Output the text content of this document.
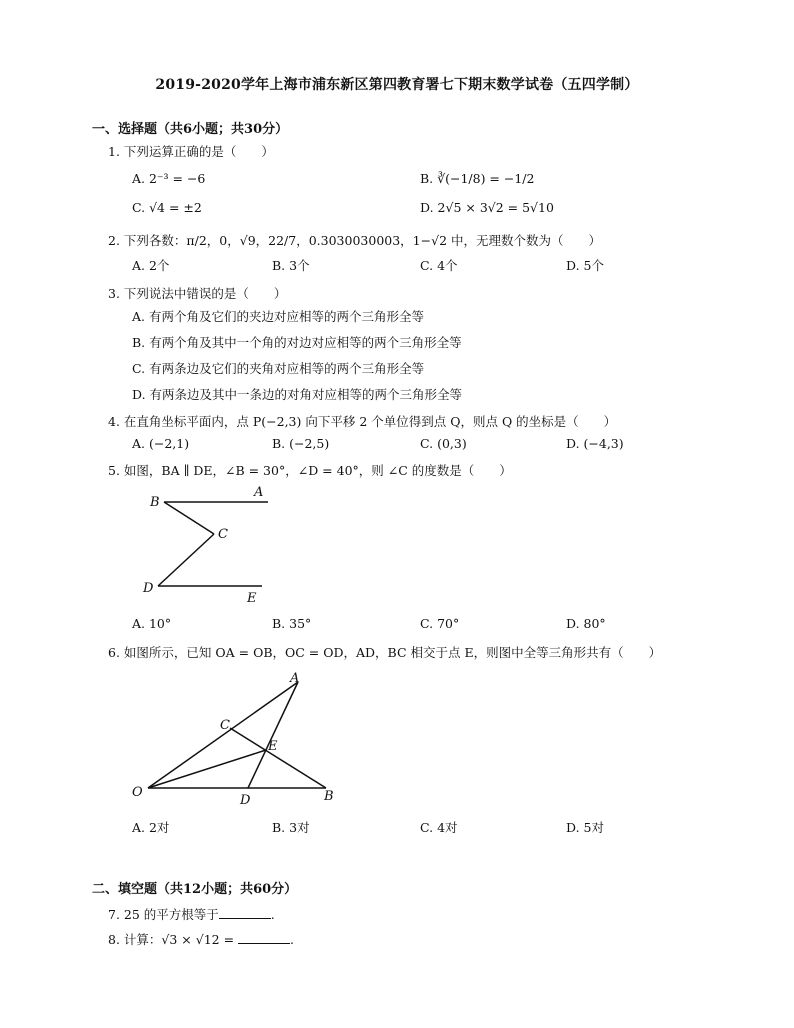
2019-2020学年上海市浦东新区第四教育署七下期末数学试卷（五四学制）
一、选择题（共6小题；共30分）
1. 下列运算正确的是（　　）
A. 2⁻³ = −6	B. ∛(−1/8) = −1/2
C. √4 = ±2	D. 2√5 × 3√2 = 5√10
2. 下列各数：π/2，0，√9，22/7，0.3030030003，1−√2 中，无理数个数为（　　）
A. 2个	B. 3个	C. 4个	D. 5个
3. 下列说法中错误的是（　　）
A. 有两个角及它们的夹边对应相等的两个三角形全等
B. 有两个角及其中一个角的对边对应相等的两个三角形全等
C. 有两条边及它们的夹角对应相等的两个三角形全等
D. 有两条边及其中一条边的对角对应相等的两个三角形全等
4. 在直角坐标平面内，点 P(−2,3) 向下平移 2 个单位得到点 Q，则点 Q 的坐标是（　　）
A. (−2,1)	B. (−2,5)	C. (0,3)	D. (−4,3)
5. 如图，BA ∥ DE，∠B = 30°，∠D = 40°，则 ∠C 的度数是（　　）
B
A
C
D
E
A. 10°	B. 35°	C. 70°	D. 80°
6. 如图所示，已知 OA = OB，OC = OD，AD，BC 相交于点 E，则图中全等三角形共有（　　）
A
C
E
O
D	B
A. 2对	B. 3对	C. 4对	D. 5对
二、填空题（共12小题；共60分）
7. 25 的平方根等于	.
8. 计算：√3 × √12 =	.
